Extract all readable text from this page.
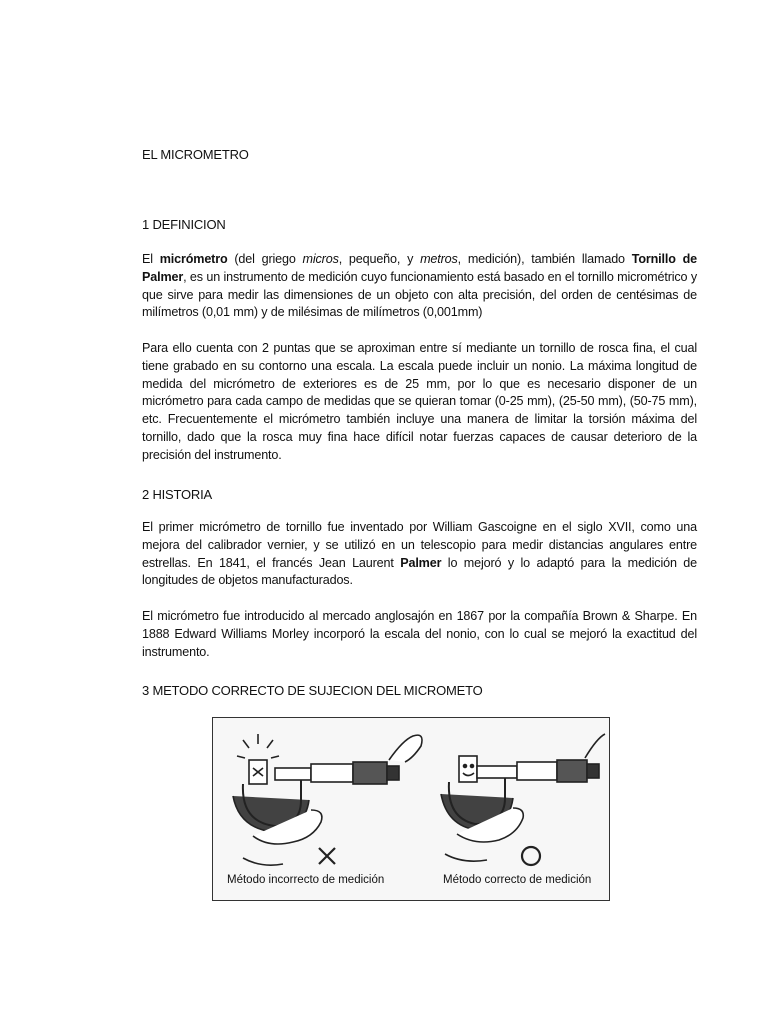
EL MICROMETRO
1 DEFINICION

El micrómetro (del griego micros, pequeño, y metros, medición), también llamado Tornillo de Palmer, es un instrumento de medición cuyo funcionamiento está basado en el tornillo micrométrico y que sirve para medir las dimensiones de un objeto con alta precisión, del orden de centésimas de milímetros (0,01 mm) y de milésimas de milímetros (0,001mm)

Para ello cuenta con 2 puntas que se aproximan entre sí mediante un tornillo de rosca fina, el cual tiene grabado en su contorno una escala. La escala puede incluir un nonio. La máxima longitud de medida del micrómetro de exteriores es de 25 mm, por lo que es necesario disponer de un micrómetro para cada campo de medidas que se quieran tomar (0-25 mm), (25-50 mm), (50-75 mm), etc. Frecuentemente el micrómetro también incluye una manera de limitar la torsión máxima del tornillo, dado que la rosca muy fina hace difícil notar fuerzas capaces de causar deterioro de la precisión del instrumento.

2 HISTORIA

El primer micrómetro de tornillo fue inventado por William Gascoigne en el siglo XVII, como una mejora del calibrador vernier, y se utilizó en un telescopio para medir distancias angulares entre estrellas. En 1841, el francés Jean Laurent Palmer lo mejoró y lo adaptó para la medición de longitudes de objetos manufacturados.

El micrómetro fue introducido al mercado anglosajón en 1867 por la compañía Brown & Sharpe. En 1888 Edward Williams Morley incorporó la escala del nonio, con lo cual se mejoró la exactitud del instrumento.

3 METODO CORRECTO DE SUJECION DEL MICROMETO
Método incorrecto de medición	Método correcto de medición
